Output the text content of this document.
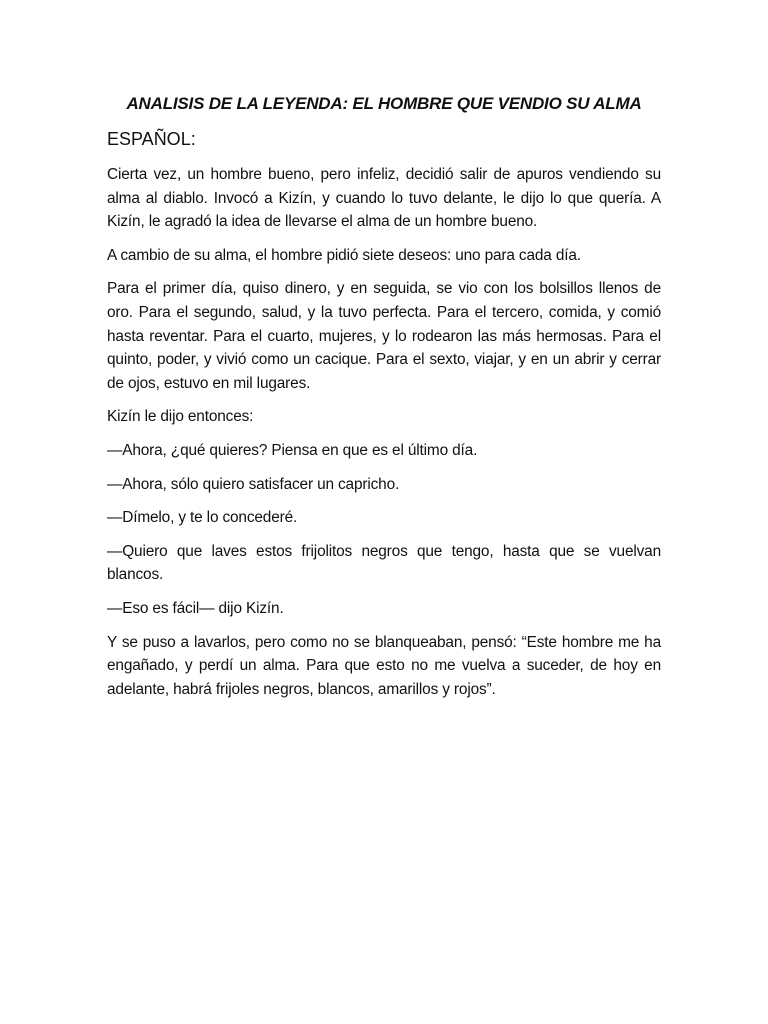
ANALISIS DE LA LEYENDA: EL HOMBRE QUE VENDIO SU ALMA
ESPAÑOL:

Cierta vez, un hombre bueno, pero infeliz, decidió salir de apuros vendiendo su alma al diablo. Invocó a Kizín, y cuando lo tuvo delante, le dijo lo que quería. A Kizín, le agradó la idea de llevarse el alma de un hombre bueno.

A cambio de su alma, el hombre pidió siete deseos: uno para cada día.

Para el primer día, quiso dinero, y en seguida, se vio con los bolsillos llenos de oro. Para el segundo, salud, y la tuvo perfecta. Para el tercero, comida, y comió hasta reventar. Para el cuarto, mujeres, y lo rodearon las más hermosas. Para el quinto, poder, y vivió como un cacique. Para el sexto, viajar, y en un abrir y cerrar de ojos, estuvo en mil lugares.

Kizín le dijo entonces:

—Ahora, ¿qué quieres? Piensa en que es el último día.

—Ahora, sólo quiero satisfacer un capricho.

—Dímelo, y te lo concederé.

—Quiero que laves estos frijolitos negros que tengo, hasta que se vuelvan blancos.

—Eso es fácil— dijo Kizín.

Y se puso a lavarlos, pero como no se blanqueaban, pensó: “Este hombre me ha engañado, y perdí un alma. Para que esto no me vuelva a suceder, de hoy en adelante, habrá frijoles negros, blancos, amarillos y rojos”.
